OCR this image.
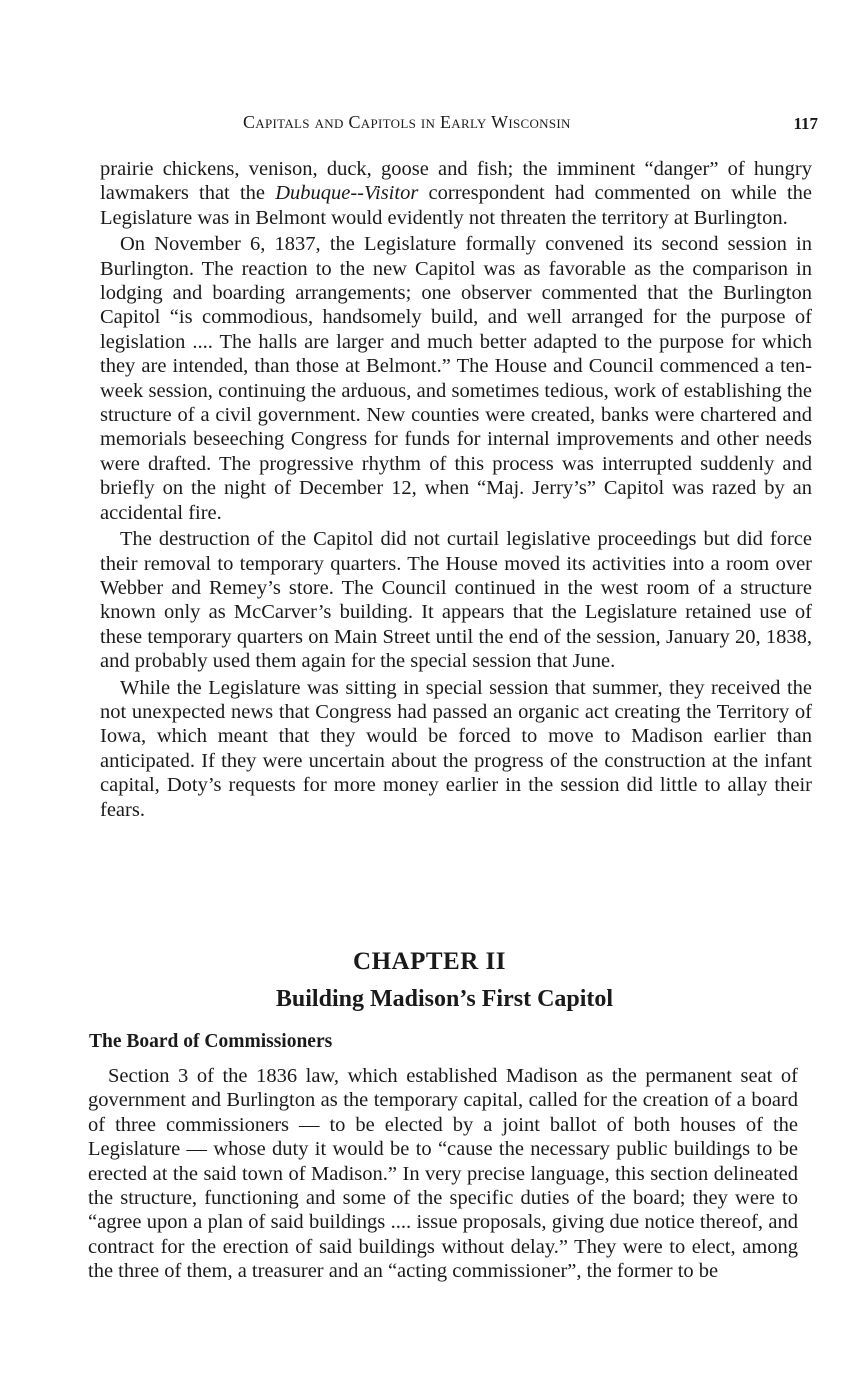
Capitals and Capitols in Early Wisconsin	117

prairie chickens, venison, duck, goose and fish; the imminent “danger” of hungry lawmakers that the Dubuque--Visitor correspondent had commented on while the Legislature was in Belmont would evidently not threaten the territory at Burlington.

On November 6, 1837, the Legislature formally convened its second session in Burlington. The reaction to the new Capitol was as favorable as the comparison in lodging and boarding arrangements; one observer commented that the Burlington Capitol “is commodious, handsomely build, and well arranged for the purpose of legislation .... The halls are larger and much better adapted to the purpose for which they are intended, than those at Belmont.” The House and Council commenced a ten-week session, continuing the arduous, and sometimes tedious, work of establishing the structure of a civil government. New counties were created, banks were chartered and memorials beseeching Congress for funds for internal improvements and other needs were drafted. The progressive rhythm of this process was interrupted suddenly and briefly on the night of December 12, when “Maj. Jerry’s” Capitol was razed by an accidental fire.

The destruction of the Capitol did not curtail legislative proceedings but did force their removal to temporary quarters. The House moved its activities into a room over Webber and Remey’s store. The Council continued in the west room of a structure known only as McCarver’s building. It appears that the Legislature retained use of these temporary quarters on Main Street until the end of the session, January 20, 1838, and probably used them again for the special session that June.

While the Legislature was sitting in special session that summer, they received the not unexpected news that Congress had passed an organic act creating the Territory of Iowa, which meant that they would be forced to move to Madison earlier than anticipated. If they were uncertain about the progress of the construction at the infant capital, Doty’s requests for more money earlier in the session did little to allay their fears.

CHAPTER II
Building Madison’s First Capitol
The Board of Commissioners

Section 3 of the 1836 law, which established Madison as the permanent seat of government and Burlington as the temporary capital, called for the creation of a board of three commissioners — to be elected by a joint ballot of both houses of the Legislature — whose duty it would be to “cause the necessary public buildings to be erected at the said town of Madison.” In very precise language, this section delineated the structure, functioning and some of the specific duties of the board; they were to “agree upon a plan of said buildings .... issue proposals, giving due notice thereof, and contract for the erection of said buildings without delay.” They were to elect, among the three of them, a treasurer and an “acting commissioner”, the former to be
